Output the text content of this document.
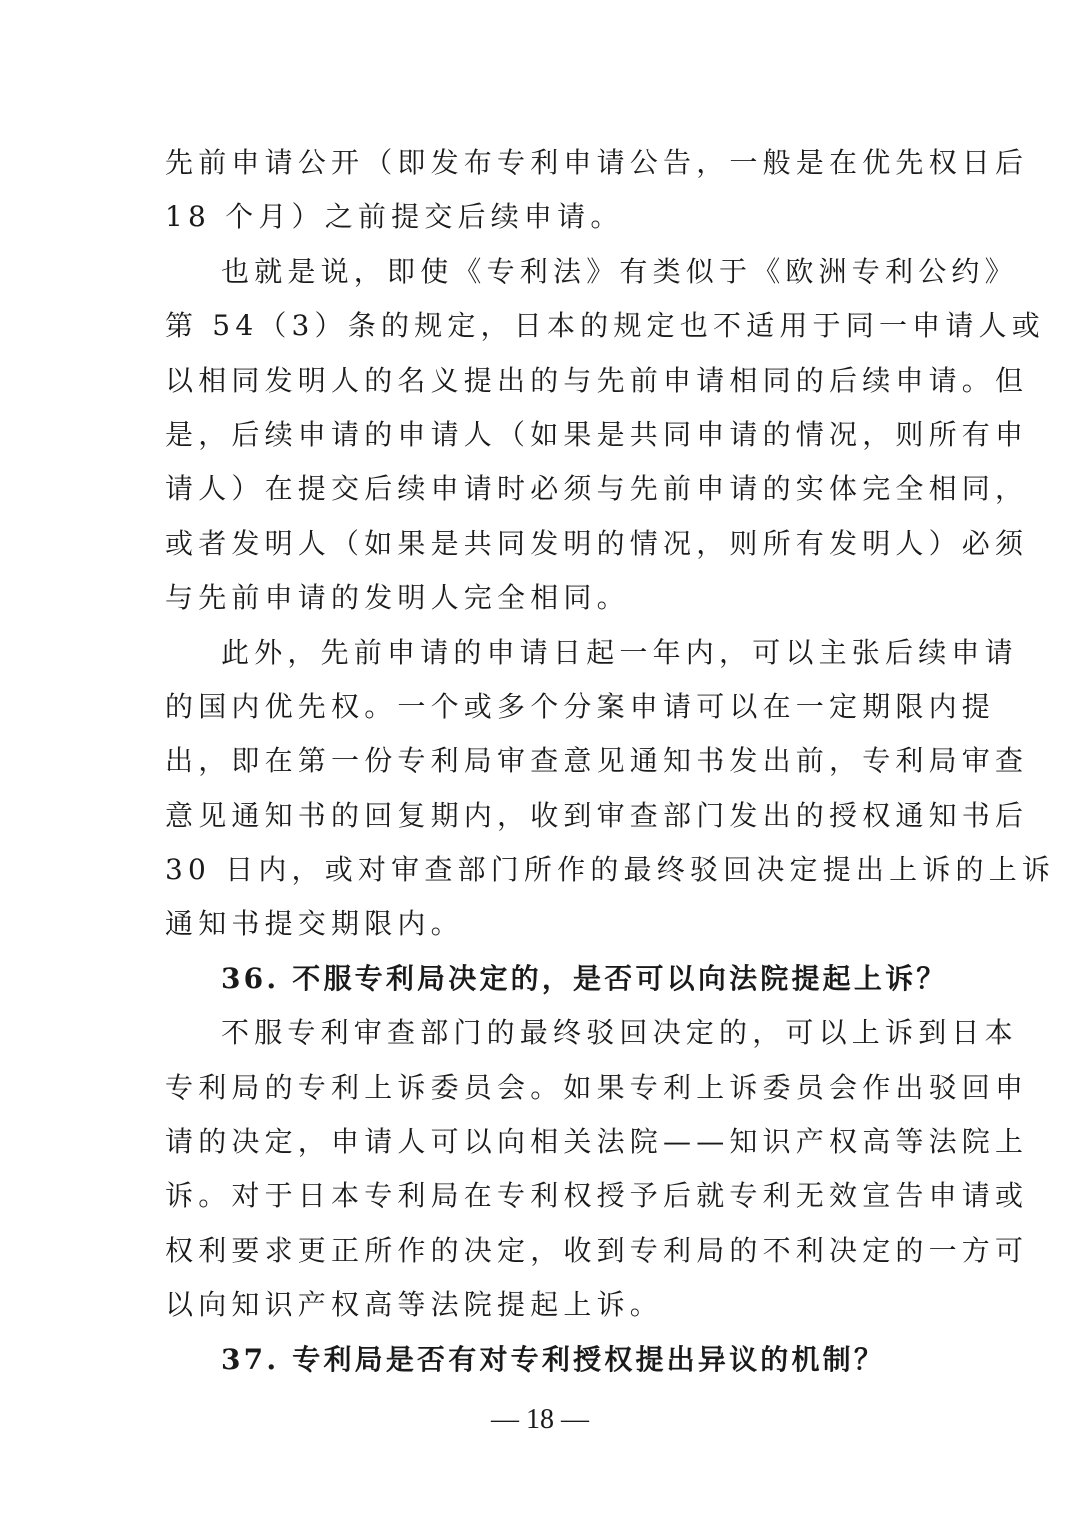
先前申请公开（即发布专利申请公告，一般是在优先权日后
18 个月）之前提交后续申请。
也就是说，即使《专利法》有类似于《欧洲专利公约》
第 54（3）条的规定，日本的规定也不适用于同一申请人或
以相同发明人的名义提出的与先前申请相同的后续申请。但
是，后续申请的申请人（如果是共同申请的情况，则所有申
请人）在提交后续申请时必须与先前申请的实体完全相同，
或者发明人（如果是共同发明的情况，则所有发明人）必须
与先前申请的发明人完全相同。
此外，先前申请的申请日起一年内，可以主张后续申请
的国内优先权。一个或多个分案申请可以在一定期限内提
出，即在第一份专利局审查意见通知书发出前，专利局审查
意见通知书的回复期内，收到审查部门发出的授权通知书后
30 日内，或对审查部门所作的最终驳回决定提出上诉的上诉
通知书提交期限内。
36. 不服专利局决定的，是否可以向法院提起上诉？
不服专利审查部门的最终驳回决定的，可以上诉到日本
专利局的专利上诉委员会。如果专利上诉委员会作出驳回申
请的决定，申请人可以向相关法院——知识产权高等法院上
诉。对于日本专利局在专利权授予后就专利无效宣告申请或
权利要求更正所作的决定，收到专利局的不利决定的一方可
以向知识产权高等法院提起上诉。
37. 专利局是否有对专利授权提出异议的机制？
— 18 —
